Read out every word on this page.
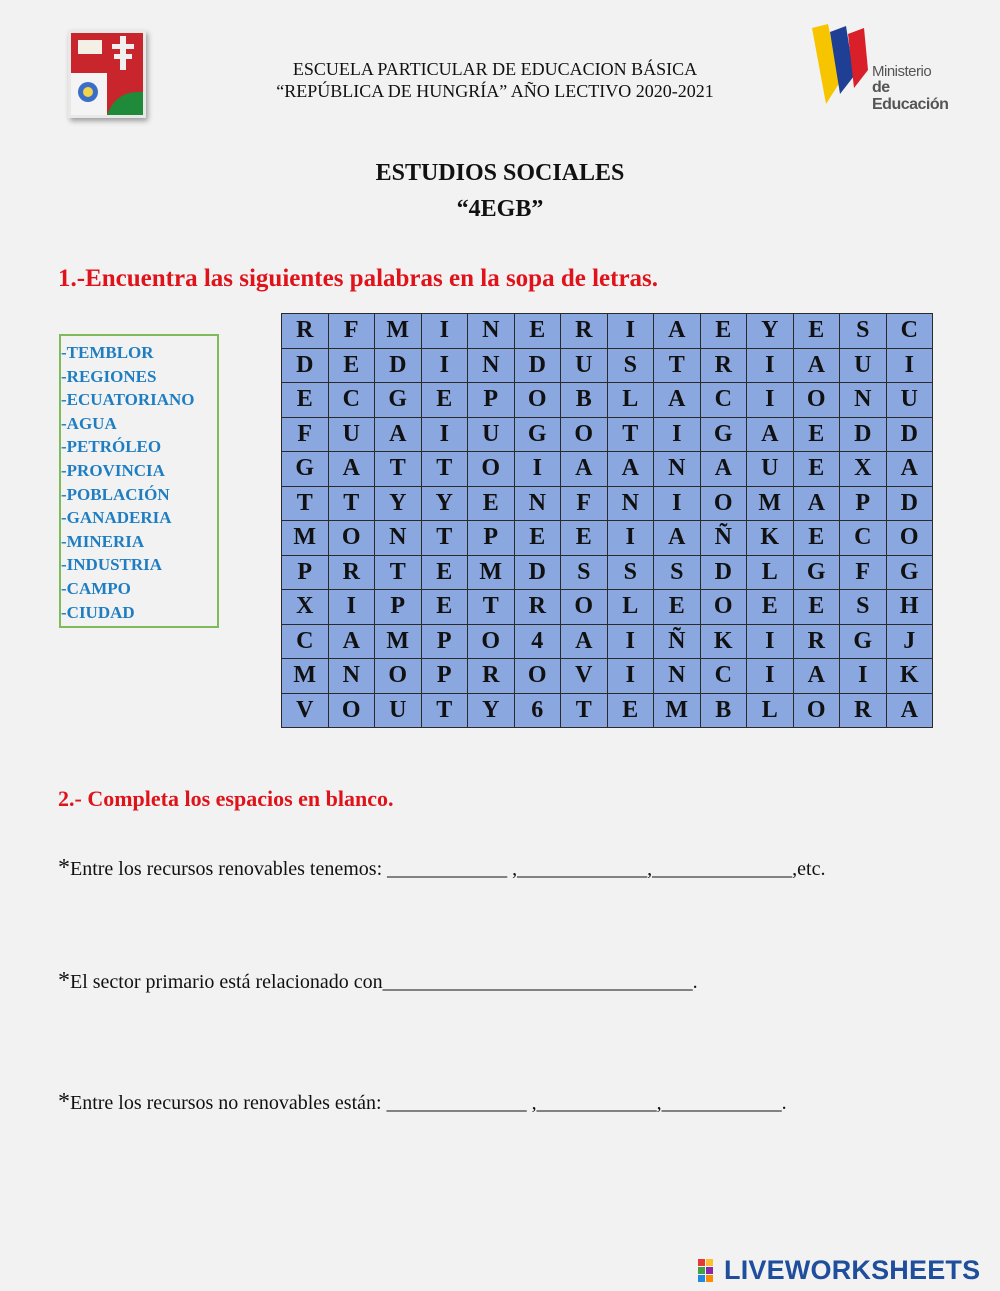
Ministerio
de Educación
ESCUELA PARTICULAR DE EDUCACION BÁSICA
“REPÚBLICA DE HUNGRÍA” AÑO LECTIVO 2020-2021
ESTUDIOS SOCIALES
“4EGB”
1.-Encuentra las siguientes palabras en la sopa de letras.
-TEMBLOR
-REGIONES
-ECUATORIANO
-AGUA
-PETRÓLEO
-PROVINCIA
-POBLACIÓN
-GANADERIA
-MINERIA
-INDUSTRIA
-CAMPO
-CIUDAD
R	F	M	I	N	E	R	I	A	E	Y	E	S	C
D	E	D	I	N	D	U	S	T	R	I	A	U	I
E	C	G	E	P	O	B	L	A	C	I	O	N	U
F	U	A	I	U	G	O	T	I	G	A	E	D	D
G	A	T	T	O	I	A	A	N	A	U	E	X	A
T	T	Y	Y	E	N	F	N	I	O	M	A	P	D
M	O	N	T	P	E	E	I	A	Ñ	K	E	C	O
P	R	T	E	M	D	S	S	S	D	L	G	F	G
X	I	P	E	T	R	O	L	E	O	E	E	S	H
C	A	M	P	O	4	A	I	Ñ	K	I	R	G	J
M	N	O	P	R	O	V	I	N	C	I	A	I	K
V	O	U	T	Y	6	T	E	M	B	L	O	R	A
2.- Completa los espacios en blanco.
*Entre los recursos renovables tenemos: ____________ ,_____________,______________,etc.
*El sector primario está relacionado con_______________________________.
*Entre los recursos no renovables están: ______________ ,____________,____________.
LIVEWORKSHEETS
